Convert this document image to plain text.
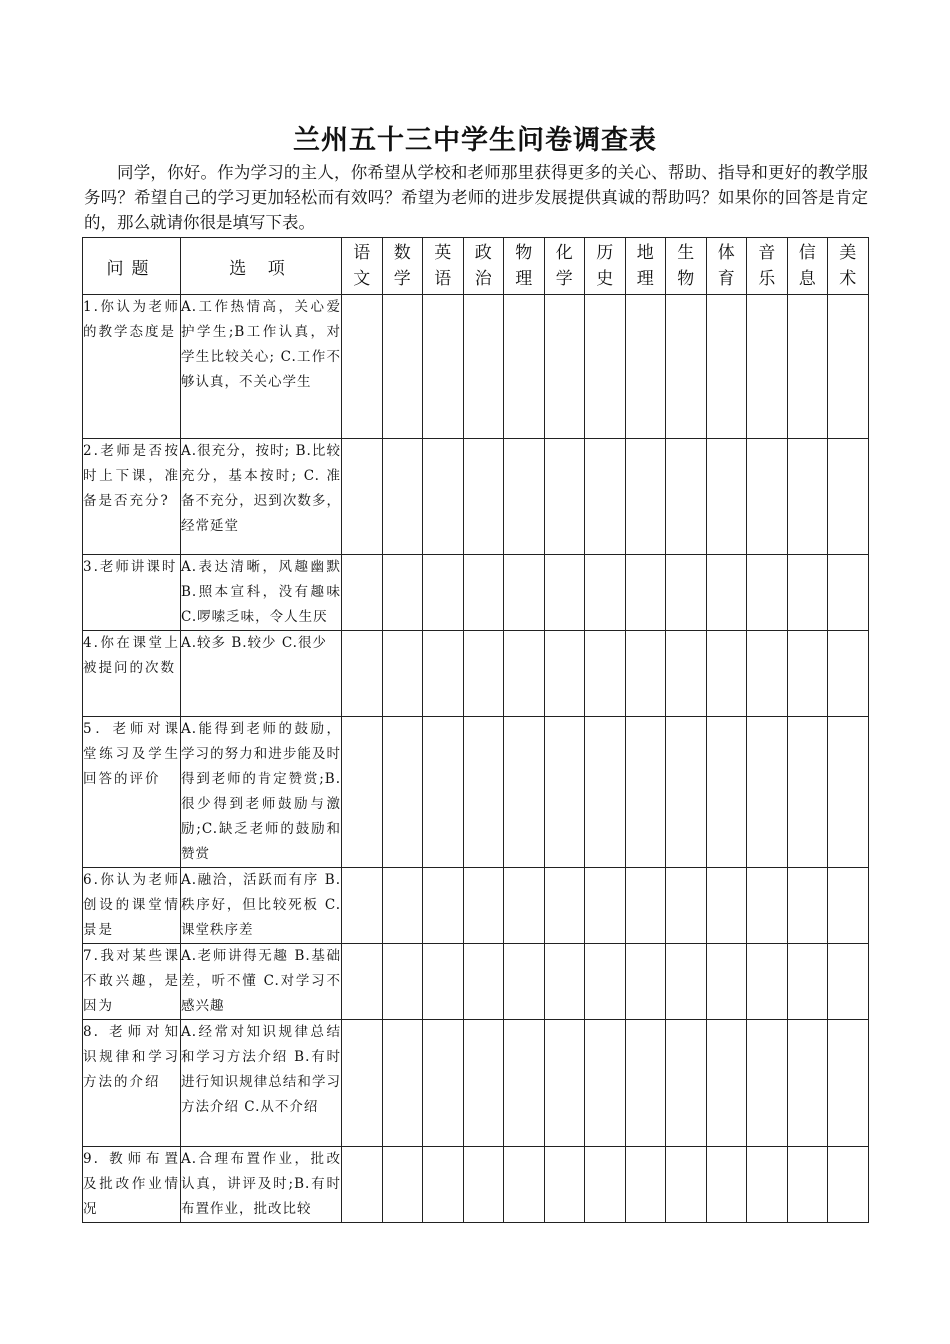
兰州五十三中学生问卷调查表
同学，你好。作为学习的主人，你希望从学校和老师那里获得更多的关心、帮助、指导和更好的教学服务吗？希望自己的学习更加轻松而有效吗？希望为老师的进步发展提供真诚的帮助吗？如果你的回答是肯定的，那么就请你很是填写下表。
问题	选 项	语文	数学	英语	政治	物理	化学	历史	地理	生物	体育	音乐	信息	美术

1.你认为老师的教学态度是	A.工作热情高，关心爱护学生;B工作认真，对学生比较关心; C.工作不够认真，不关心学生													
2.老师是否按时上下课，准备是否充分?	A.很充分，按时; B.比较充分，基本按时; C. 准备不充分，迟到次数多，经常延堂													
3.老师讲课时	A.表达清晰，风趣幽默 B.照本宣科，没有趣味 C.啰嗦乏味，令人生厌													
4.你在课堂上被提问的次数	A.较多 B.较少 C.很少													
5．老师对课堂练习及学生回答的评价	A.能得到老师的鼓励，学习的努力和进步能及时得到老师的肯定赞赏;B.很少得到老师鼓励与激励;C.缺乏老师的鼓励和赞赏													
6.你认为老师创设的课堂情景是	A.融洽，活跃而有序 B.秩序好，但比较死板 C.课堂秩序差													
7.我对某些课不敢兴趣，是因为	A.老师讲得无趣 B.基础差，听不懂 C.对学习不感兴趣													
8. 老师对知识规律和学习方法的介绍	A.经常对知识规律总结和学习方法介绍 B.有时进行知识规律总结和学习方法介绍 C.从不介绍													
9. 教师布置及批改作业情况	A.合理布置作业，批改认真，讲评及时;B.有时布置作业，批改比较													
